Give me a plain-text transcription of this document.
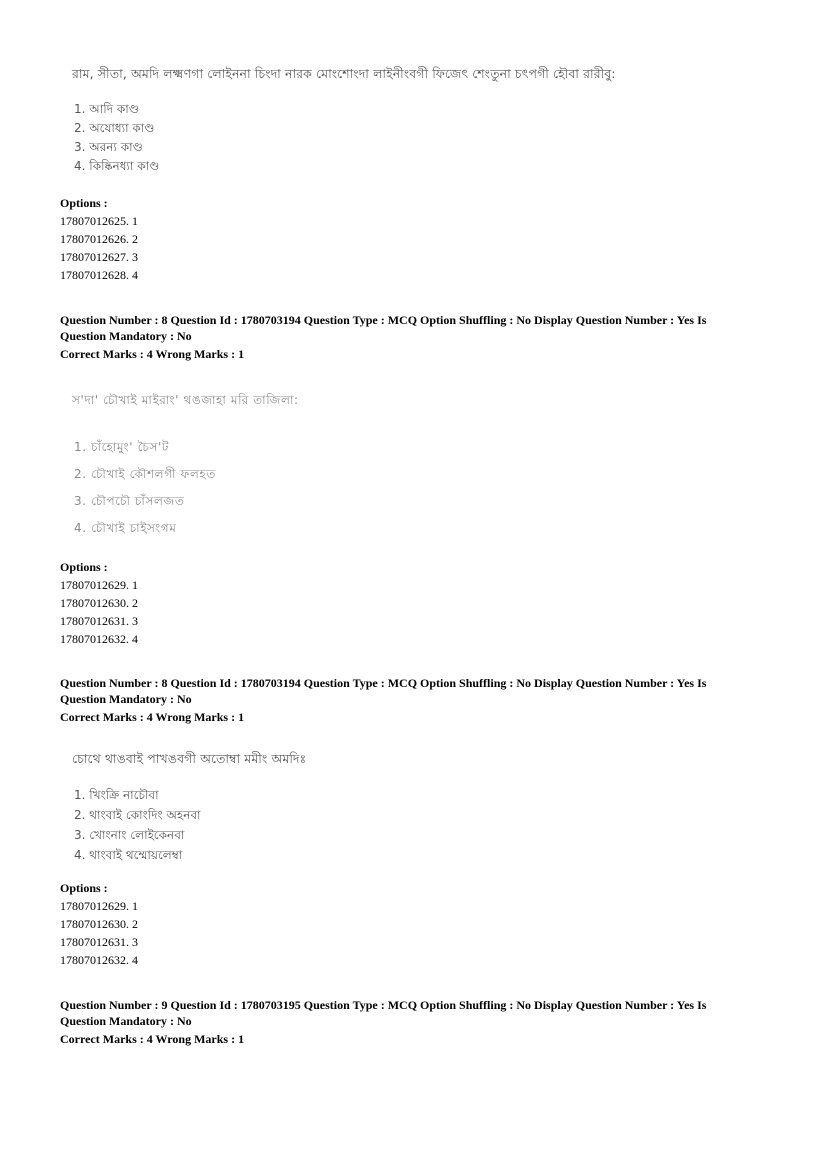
রাম, সীতা, অমদি লক্ষ্মণগা লোইননা চিংদা নারক মোংশোংদা লাইনীংবগী ফিজেৎ শেংতুনা চৎপগী হৌবা রারীবু:
1. আদি কাণ্ড
2. অযোধ্যা কাণ্ড
3. অরন্য কাণ্ড
4. কিষ্কিনধ্যা কাণ্ড
Options :
17807012625. 1
17807012626. 2
17807012627. 3
17807012628. 4
Question Number : 8 Question Id : 1780703194 Question Type : MCQ Option Shuffling : No Display Question Number : Yes Is
Question Mandatory : No
Correct Marks : 4 Wrong Marks : 1
স'দা' চৌখাই মাইরাং' থঙজাহা মরি তাজিলা:
1. চাঁহোমুং' চৈস'ট
2. চৌখাই কৌশলগী ফলহত
3. চৌপচৌ চাঁসলজত
4. চৌখাই চাইসংগম
Options :
17807012629. 1
17807012630. 2
17807012631. 3
17807012632. 4
Question Number : 8 Question Id : 1780703194 Question Type : MCQ Option Shuffling : No Display Question Number : Yes Is
Question Mandatory : No
Correct Marks : 4 Wrong Marks : 1
চোথে থাঙবাই পাখঙবগী অতোম্বা মমীং অমদিঃ
1. খিংক্রি নাচৌবা
2. থাংবাই কোংদিং অহনবা
3. খোংনাং লোইকেনবা
4. থাংবাই থম্মোয়লেম্বা
Options :
17807012629. 1
17807012630. 2
17807012631. 3
17807012632. 4
Question Number : 9 Question Id : 1780703195 Question Type : MCQ Option Shuffling : No Display Question Number : Yes Is
Question Mandatory : No
Correct Marks : 4 Wrong Marks : 1
